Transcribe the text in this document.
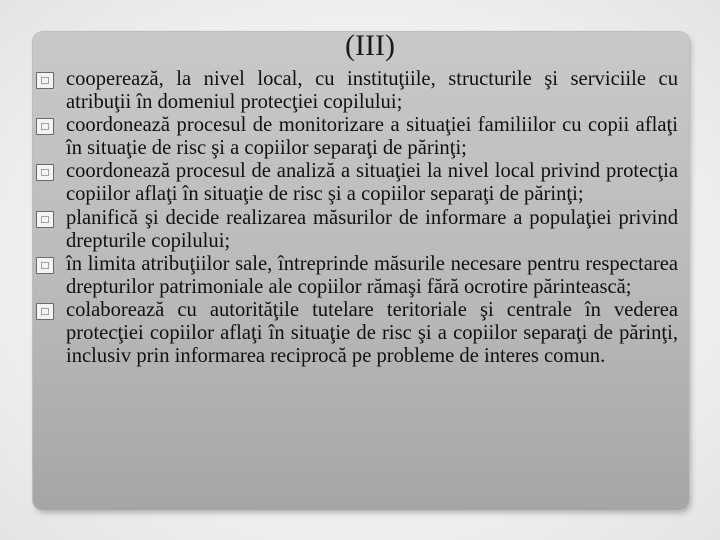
(III)
cooperează, la nivel local, cu instituţiile, structurile şi serviciile cu atribuţii în domeniul protecţiei copilului;
coordonează procesul de monitorizare a situaţiei familiilor cu copii aflaţi în situaţie de risc şi a copiilor separaţi de părinţi;
coordonează procesul de analiză a situaţiei la nivel local privind protecţia copiilor aflaţi în situaţie de risc şi a copiilor separaţi de părinţi;
planifică şi decide realizarea măsurilor de informare a populaţiei privind drepturile copilului;
în limita atribuţiilor sale, întreprinde măsurile necesare pentru respectarea drepturilor patrimoniale ale copiilor rămaşi fără ocrotire părintească;
colaborează cu autorităţile tutelare teritoriale şi centrale în vederea protecţiei copiilor aflaţi în situaţie de risc şi a copiilor separaţi de părinţi, inclusiv prin informarea reciprocă pe probleme de interes comun.
